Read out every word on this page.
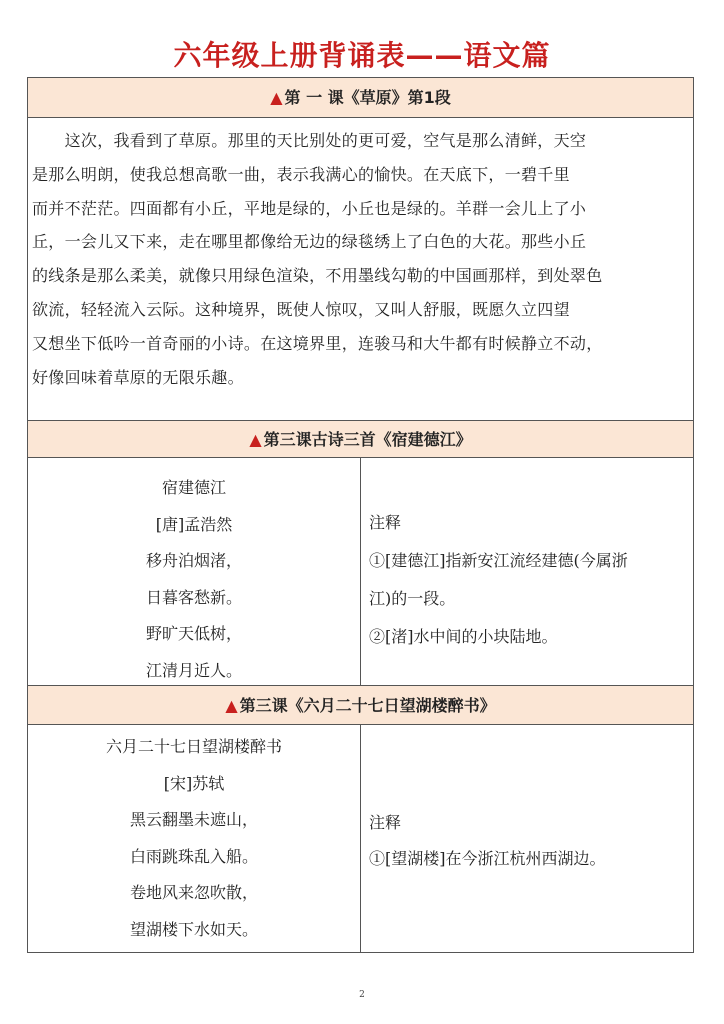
六年级上册背诵表——语文篇
▲ 第 一 课《草原》第1段
　　这次，我看到了草原。那里的天比别处的更可爱，空气是那么清鲜，天空
是那么明朗，使我总想高歌一曲，表示我满心的愉快。在天底下，一碧千里
而并不茫茫。四面都有小丘，平地是绿的，小丘也是绿的。羊群一会儿上了小
丘，一会儿又下来，走在哪里都像给无边的绿毯绣上了白色的大花。那些小丘
的线条是那么柔美，就像只用绿色渲染，不用墨线勾勒的中国画那样，到处翠色
欲流，轻轻流入云际。这种境界，既使人惊叹，又叫人舒服，既愿久立四望
又想坐下低吟一首奇丽的小诗。在这境界里，连骏马和大牛都有时候静立不动，
好像回味着草原的无限乐趣。
▲ 第三课古诗三首《宿建德江》
宿建德江
[唐]孟浩然
移舟泊烟渚，
日暮客愁新。
野旷天低树，
江清月近人。
注释
①[建德江]指新安江流经建德(今属浙
江)的一段。
②[渚]水中间的小块陆地。
▲ 第三课《六月二十七日望湖楼醉书》
六月二十七日望湖楼醉书
[宋]苏轼
黑云翻墨未遮山，
白雨跳珠乱入船。
卷地风来忽吹散，
望湖楼下水如天。
注释
①[望湖楼]在今浙江杭州西湖边。
2
